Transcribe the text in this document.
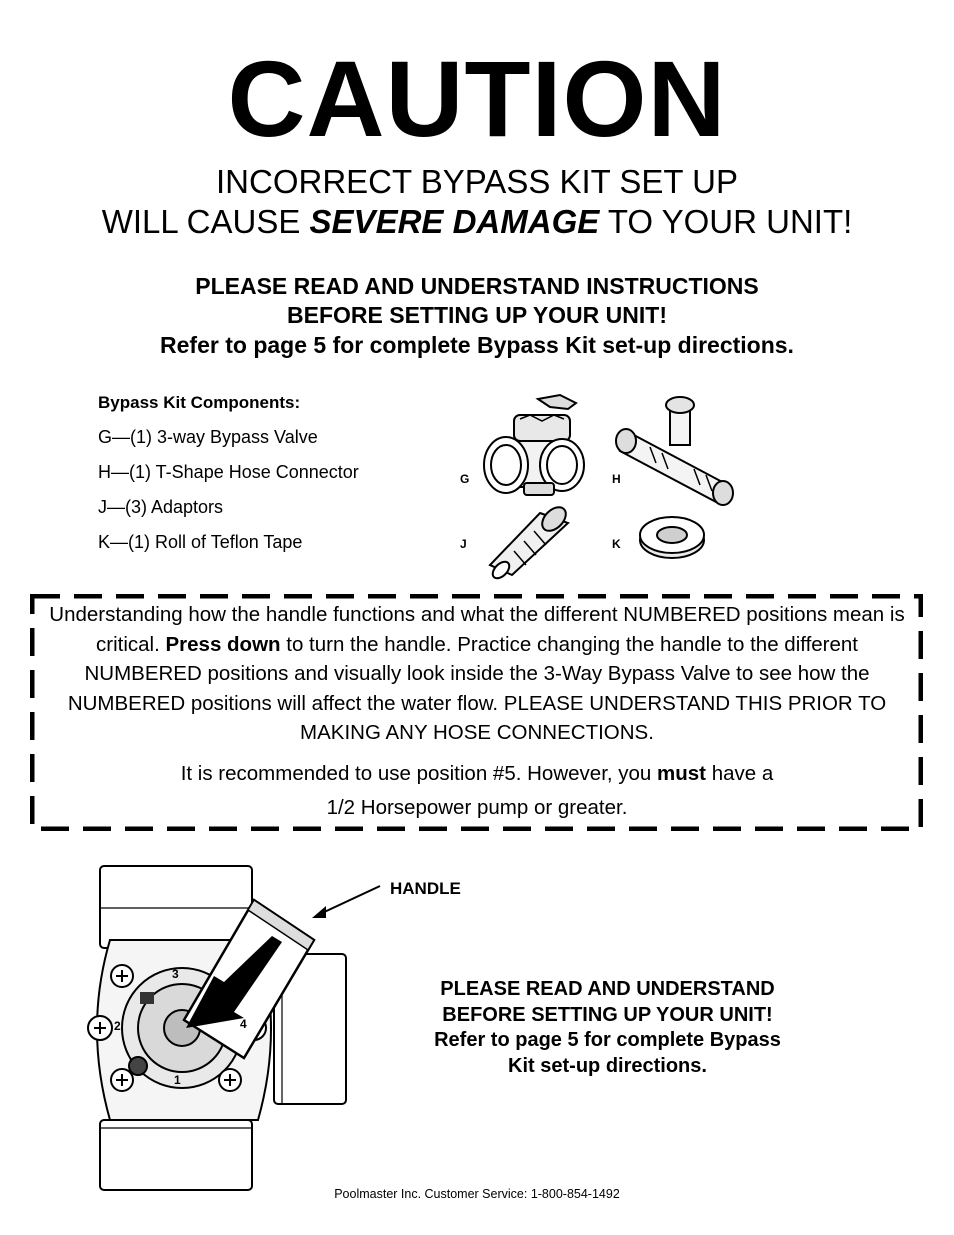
CAUTION
INCORRECT BYPASS KIT SET UP
WILL CAUSE SEVERE DAMAGE TO YOUR UNIT!
PLEASE READ AND UNDERSTAND INSTRUCTIONS
BEFORE SETTING UP YOUR UNIT!
Refer to page 5 for complete Bypass Kit set-up directions.
Bypass Kit Components:
G—(1) 3-way Bypass Valve
H—(1) T-Shape Hose Connector
J—(3) Adaptors
K—(1) Roll of Teflon Tape
G	H
J	K
Understanding how the handle functions and what the different NUMBERED positions mean is critical. Press down to turn the handle. Practice changing the handle to the different NUMBERED positions and visually look inside the 3-Way Bypass Valve to see how the NUMBERED positions will affect the water flow. PLEASE UNDERSTAND THIS PRIOR TO MAKING ANY HOSE CONNECTIONS.
It is recommended to use position #5. However, you must have a
1/2 Horsepower pump or greater.
2
3
4
1
HANDLE
PLEASE READ AND UNDERSTAND
BEFORE SETTING UP YOUR UNIT!
Refer to page 5 for complete Bypass
Kit set-up directions.
Poolmaster Inc. Customer Service: 1-800-854-1492
